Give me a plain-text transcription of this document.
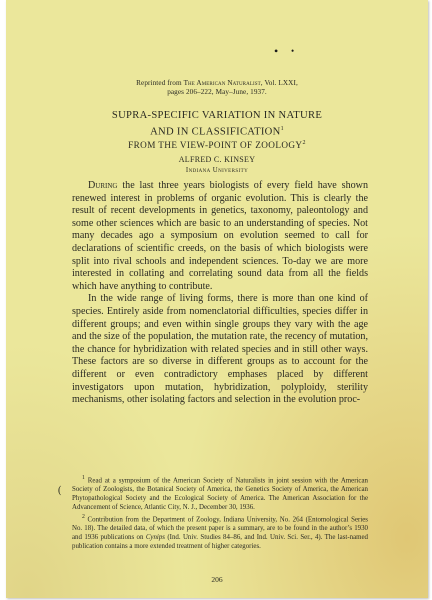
• •
Reprinted from The American Naturalist, Vol. LXXI,
pages 206–222, May–June, 1937.
SUPRA-SPECIFIC VARIATION IN NATURE
AND IN CLASSIFICATION$^1$
FROM THE VIEW-POINT OF ZOOLOGY$^2$
ALFRED C. KINSEY
Indiana University

During the last three years biologists of every field have shown renewed interest in problems of organic evolution. This is clearly the result of recent developments in genetics, taxonomy, paleontology and some other sciences which are basic to an understanding of species. Not many decades ago a symposium on evolution seemed to call for declarations of scientific creeds, on the basis of which biologists were split into rival schools and independent sciences. To-day we are more interested in collating and correlating sound data from all the fields which have anything to contribute.

In the wide range of living forms, there is more than one kind of species. Entirely aside from nomenclatorial difficulties, species differ in different groups; and even within single groups they vary with the age and the size of the population, the mutation rate, the recency of mutation, the chance for hybridization with related species and in still other ways. These factors are so diverse in different groups as to account for the different or even contradictory emphases placed by different investigators upon mutation, hybridization, polyploidy, sterility mechanisms, other isolating factors and selection in the evolution proc-

(

$^1$ Read at a symposium of the American Society of Naturalists in joint session with the American Society of Zoologists, the Botanical Society of America, the Genetics Society of America, the American Phytopathological Society and the Ecological Society of America. The American Association for the Advancement of Science, Atlantic City, N. J., December 30, 1936.

$^2$ Contribution from the Department of Zoology, Indiana University, No. 264 (Entomological Series No. 18). The detailed data, of which the present paper is a summary, are to be found in the author’s 1930 and 1936 publications on Cynips (Ind. Univ. Studies 84–86, and Ind. Univ. Sci. Ser., 4). The last-named publication contains a more extended treatment of higher categories.

206
